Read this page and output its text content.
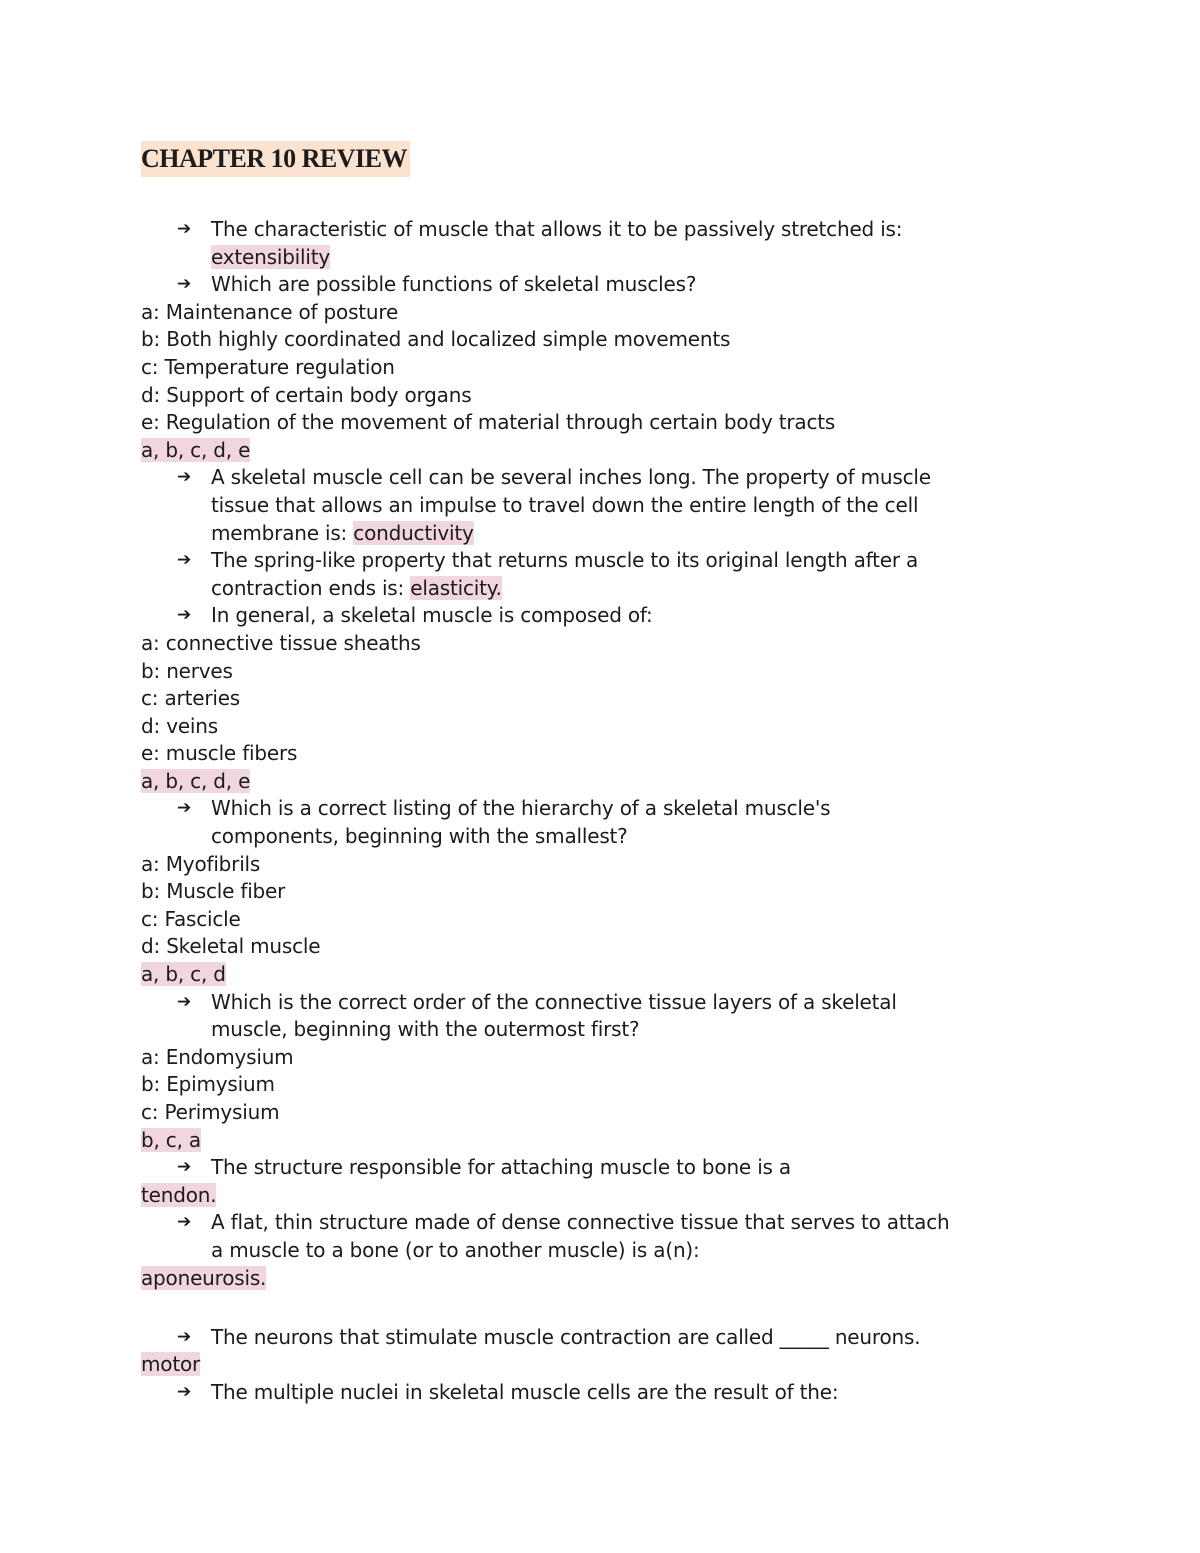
CHAPTER 10 REVIEW
➔ The characteristic of muscle that allows it to be passively stretched is:
extensibility
➔ Which are possible functions of skeletal muscles?
a: Maintenance of posture
b: Both highly coordinated and localized simple movements
c: Temperature regulation
d: Support of certain body organs
e: Regulation of the movement of material through certain body tracts
a, b, c, d, e
➔ A skeletal muscle cell can be several inches long. The property of muscle
tissue that allows an impulse to travel down the entire length of the cell
membrane is: conductivity
➔ The spring-like property that returns muscle to its original length after a
contraction ends is: elasticity.
➔ In general, a skeletal muscle is composed of:
a: connective tissue sheaths
b: nerves
c: arteries
d: veins
e: muscle fibers
a, b, c, d, e
➔ Which is a correct listing of the hierarchy of a skeletal muscle's
components, beginning with the smallest?
a: Myofibrils
b: Muscle fiber
c: Fascicle
d: Skeletal muscle
a, b, c, d
➔ Which is the correct order of the connective tissue layers of a skeletal
muscle, beginning with the outermost first?
a: Endomysium
b: Epimysium
c: Perimysium
b, c, a
➔ The structure responsible for attaching muscle to bone is a
tendon.
➔ A flat, thin structure made of dense connective tissue that serves to attach
a muscle to a bone (or to another muscle) is a(n):
aponeurosis.
➔ The neurons that stimulate muscle contraction are called _____ neurons.
motor
➔ The multiple nuclei in skeletal muscle cells are the result of the:
